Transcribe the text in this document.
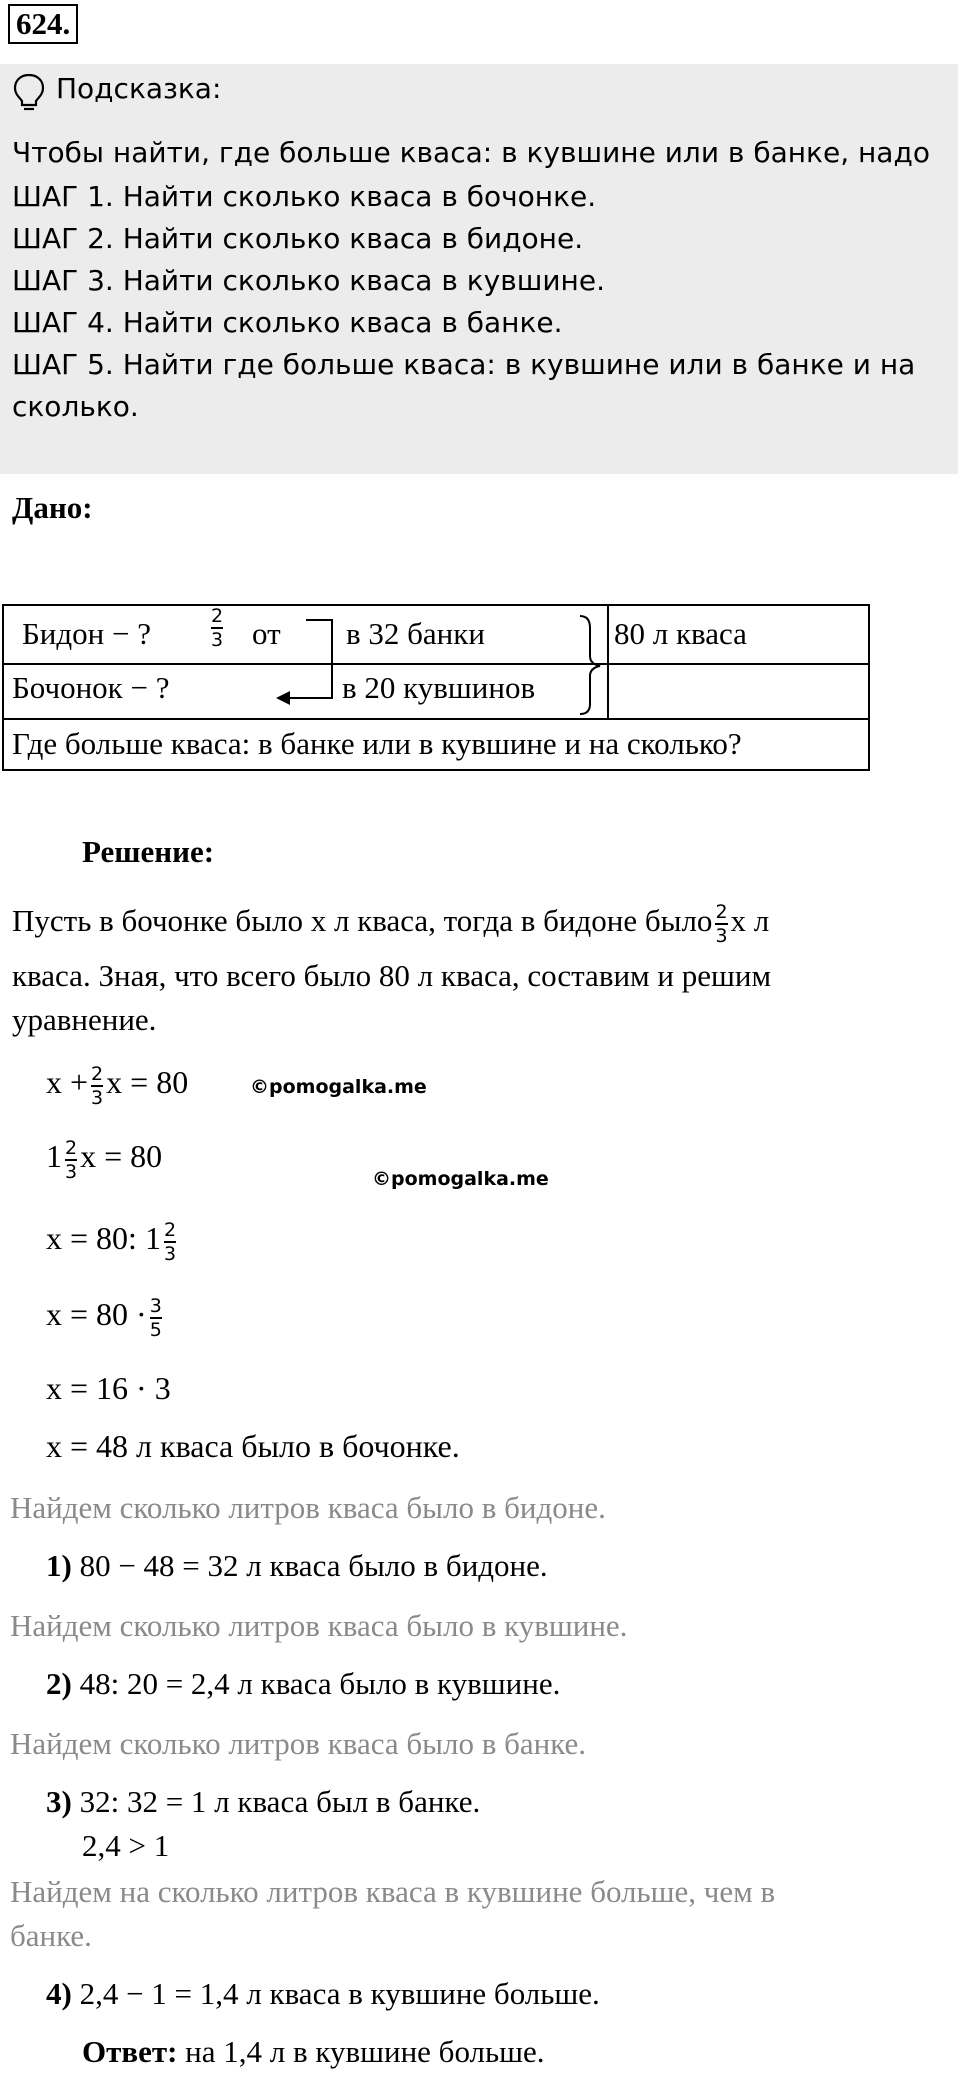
624.
Подсказка:
Чтобы найти, где больше кваса: в кувшине или в банке, надо
ШАГ 1. Найти сколько кваса в бочонке.
ШАГ 2. Найти сколько кваса в бидоне.
ШАГ 3. Найти сколько кваса в кувшине.
ШАГ 4. Найти сколько кваса в банке.
ШАГ 5. Найти где больше кваса: в кувшине или в банке и на
сколько.
Дано:
Бидон − ?	$\frac{2}{3}$ от в 32 банки	80 л кваса
Бочонок − ?	в 20 кувшинов
Где больше кваса: в банке или в кувшине и на сколько?
Решение:
Пусть в бочонке было x л кваса, тогда в бидоне было $\frac{2}{3}$ x л
кваса. Зная, что всего было 80 л кваса, составим и решим
уравнение.
$x + \frac{2}{3}$ x = 80	©pomogalka.me
$1 \frac{2}{3}$ x = 80
©pomogalka.me
x = 80: $1 \frac{2}{3}$
$x = 80 \cdot \frac{3}{5}$
x = 16 · 3
x = 48 л кваса было в бочонке.
Найдем сколько литров кваса было в бидоне.
1) 80 − 48 = 32 л кваса было в бидоне.
Найдем сколько литров кваса было в кувшине.
2) 48: 20 = 2,4 л кваса было в кувшине.
Найдем сколько литров кваса было в банке.
3) 32: 32 = 1 л кваса был в банке.
2,4 > 1
Найдем на сколько литров кваса в кувшине больше, чем в
банке.
4) 2,4 − 1 = 1,4 л кваса в кувшине больше.
Ответ: на 1,4 л в кувшине больше.
